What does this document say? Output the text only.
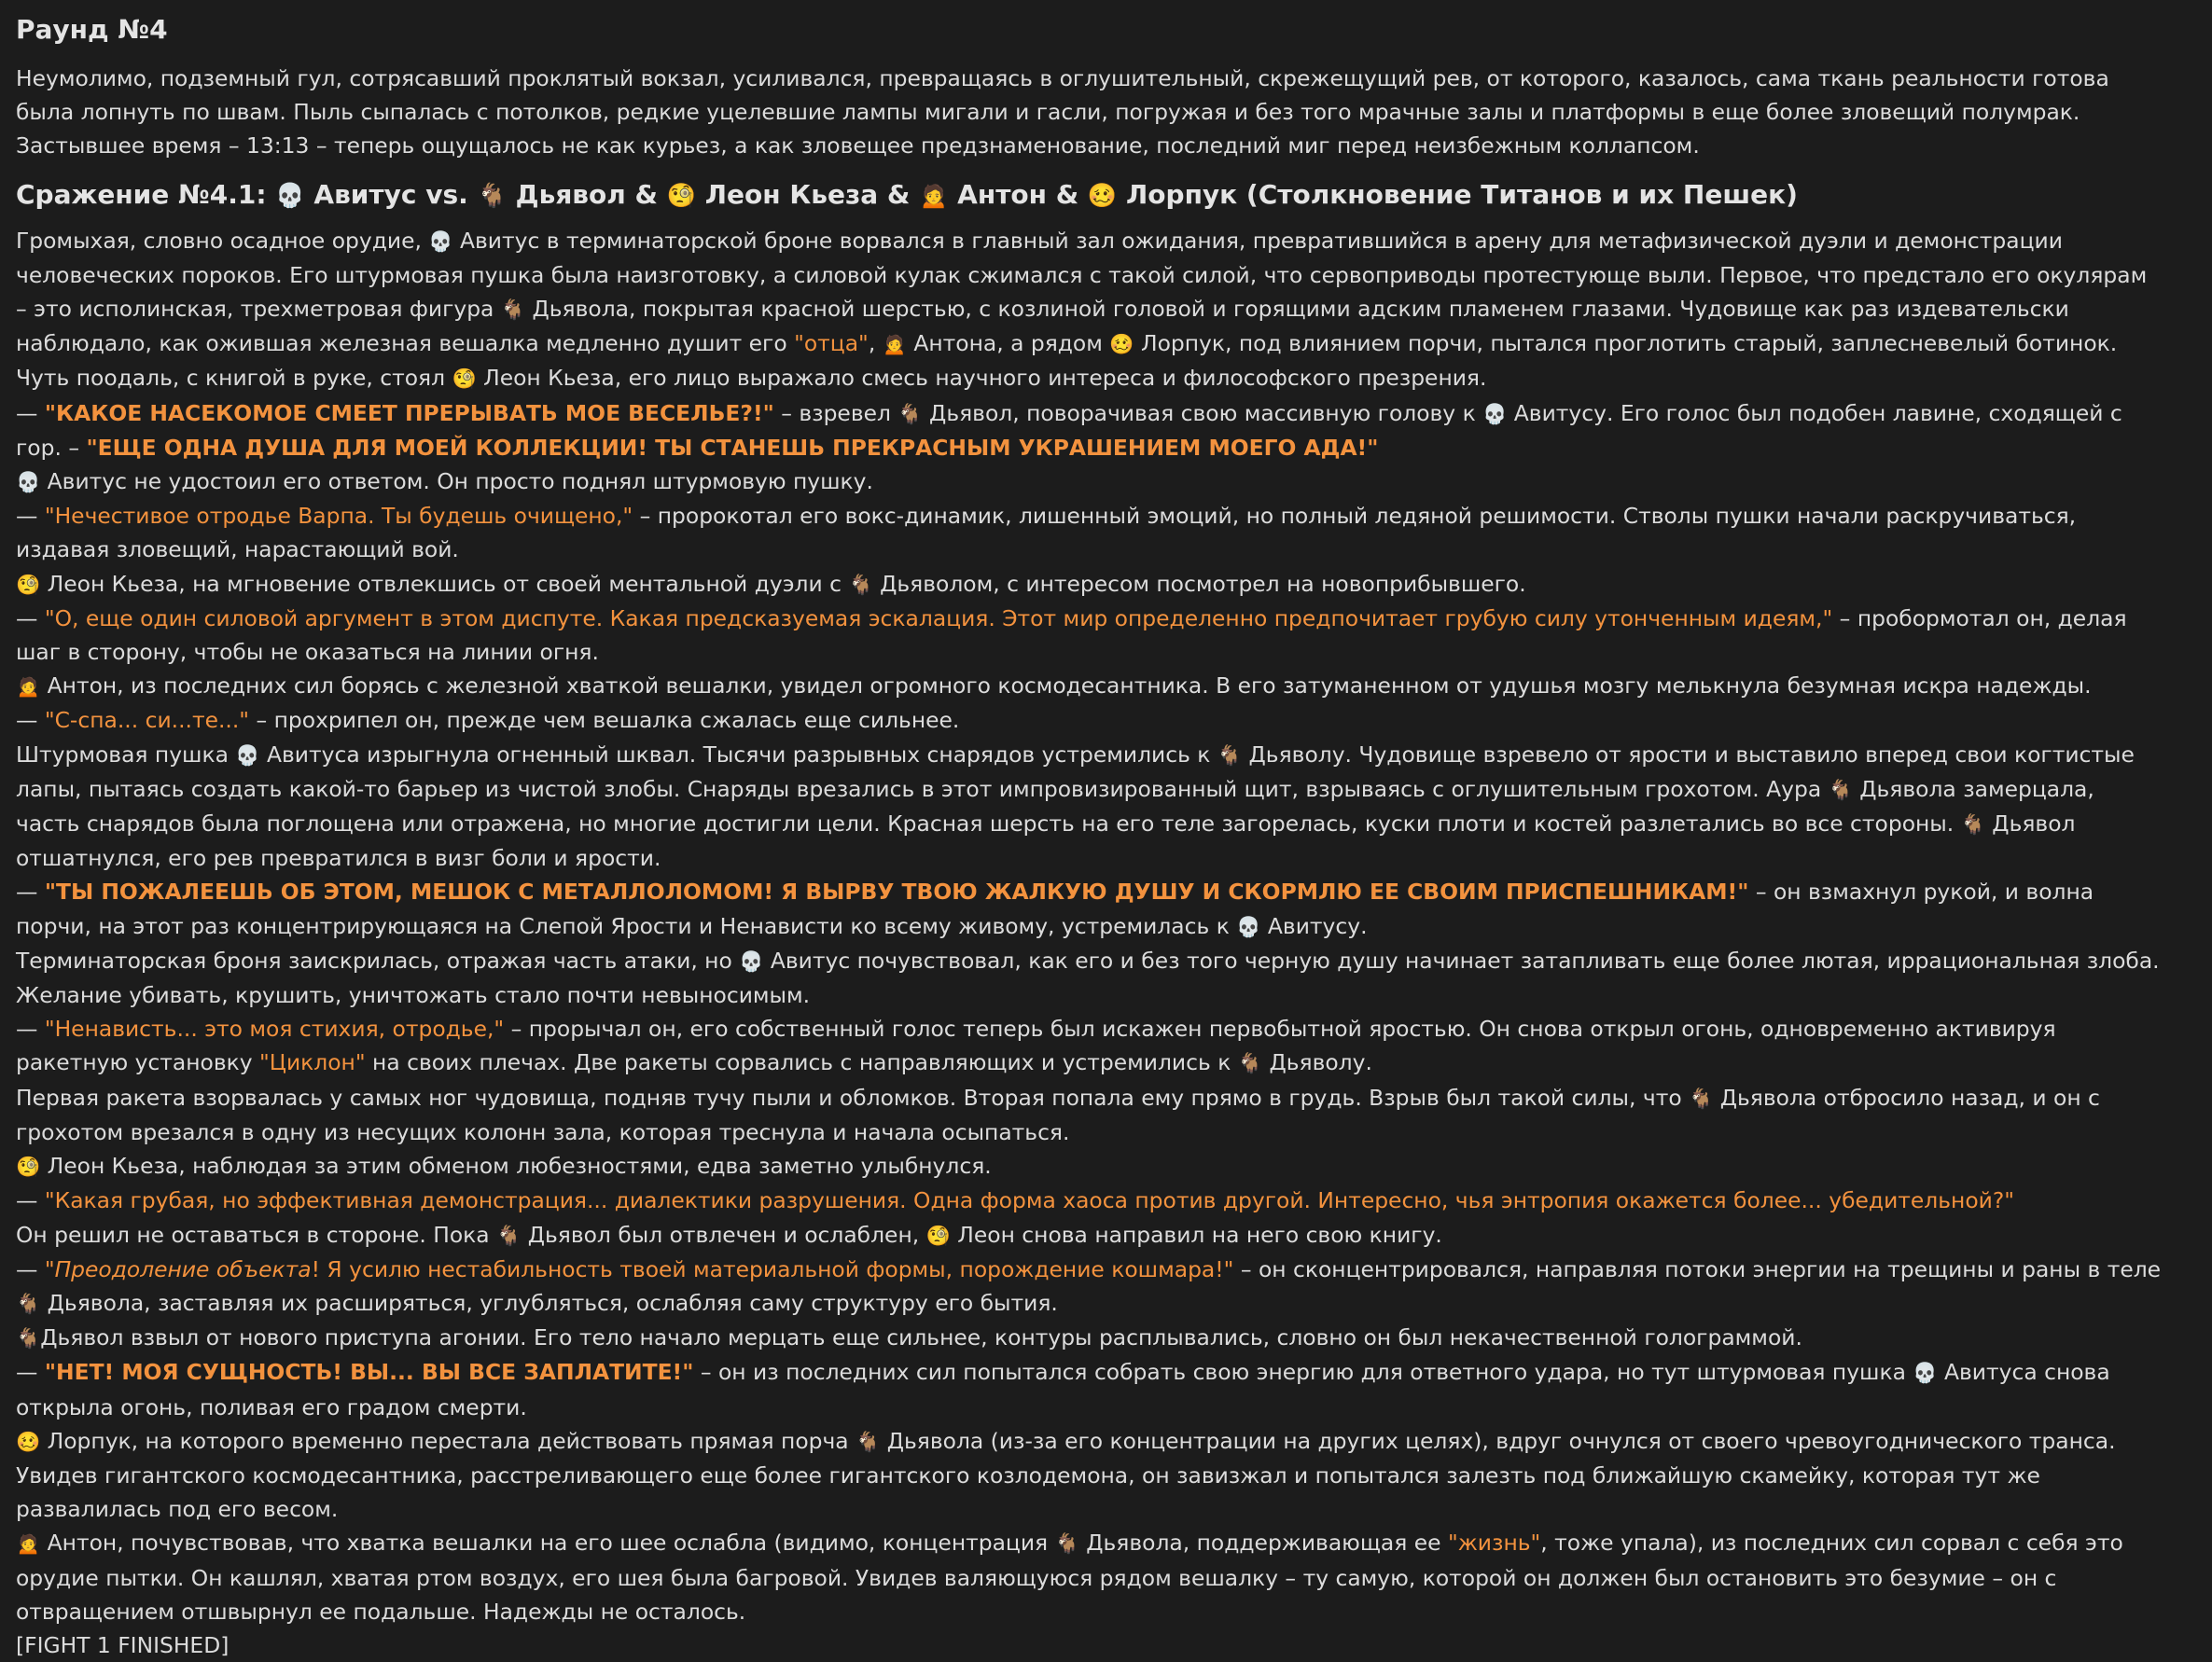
Раунд №4

Неумолимо, подземный гул, сотрясавший проклятый вокзал, усиливался, превращаясь в оглушительный, скрежещущий рев, от которого, казалось, сама ткань реальности готова была лопнуть по швам. Пыль сыпалась с потолков, редкие уцелевшие лампы мигали и гасли, погружая и без того мрачные залы и платформы в еще более зловещий полумрак. Застывшее время – 13:13 – теперь ощущалось не как курьез, а как зловещее предзнаменование, последний миг перед неизбежным коллапсом.

Сражение №4.1: 💀 Авитус vs. 🐐 Дьявол & 🧐 Леон Кьеза & 🙍 Антон & 🥴 Лорпук (Столкновение Титанов и их Пешек)

Громыхая, словно осадное орудие, 💀 Авитус в терминаторской броне ворвался в главный зал ожидания, превратившийся в арену для метафизической дуэли и демонстрации человеческих пороков. Его штурмовая пушка была наизготовку, а силовой кулак сжимался с такой силой, что сервоприводы протестующе выли. Первое, что предстало его окулярам – это исполинская, трехметровая фигура 🐐 Дьявола, покрытая красной шерстью, с козлиной головой и горящими адским пламенем глазами. Чудовище как раз издевательски наблюдало, как ожившая железная вешалка медленно душит его "отца", 🙍 Антона, а рядом 🥴 Лорпук, под влиянием порчи, пытался проглотить старый, заплесневелый ботинок. Чуть поодаль, с книгой в руке, стоял 🧐 Леон Кьеза, его лицо выражало смесь научного интереса и философского презрения.

— "КАКОЕ НАСЕКОМОЕ СМЕЕТ ПРЕРЫВАТЬ МОЕ ВЕСЕЛЬЕ?!" – взревел 🐐 Дьявол, поворачивая свою массивную голову к 💀 Авитусу. Его голос был подобен лавине, сходящей с гор. – "ЕЩЕ ОДНА ДУША ДЛЯ МОЕЙ КОЛЛЕКЦИИ! ТЫ СТАНЕШЬ ПРЕКРАСНЫМ УКРАШЕНИЕМ МОЕГО АДА!"

💀 Авитус не удостоил его ответом. Он просто поднял штурмовую пушку.

— "Нечестивое отродье Варпа. Ты будешь очищено," – пророкотал его вокс-динамик, лишенный эмоций, но полный ледяной решимости. Стволы пушки начали раскручиваться, издавая зловещий, нарастающий вой.

🧐 Леон Кьеза, на мгновение отвлекшись от своей ментальной дуэли с 🐐 Дьяволом, с интересом посмотрел на новоприбывшего.

— "О, еще один силовой аргумент в этом диспуте. Какая предсказуемая эскалация. Этот мир определенно предпочитает грубую силу утонченным идеям," – пробормотал он, делая шаг в сторону, чтобы не оказаться на линии огня.

🙍 Антон, из последних сил борясь с железной хваткой вешалки, увидел огромного космодесантника. В его затуманенном от удушья мозгу мелькнула безумная искра надежды.

— "С-спа... си...те..." – прохрипел он, прежде чем вешалка сжалась еще сильнее.

Штурмовая пушка 💀 Авитуса изрыгнула огненный шквал. Тысячи разрывных снарядов устремились к 🐐 Дьяволу. Чудовище взревело от ярости и выставило вперед свои когтистые лапы, пытаясь создать какой-то барьер из чистой злобы. Снаряды врезались в этот импровизированный щит, взрываясь с оглушительным грохотом. Аура 🐐 Дьявола замерцала, часть снарядов была поглощена или отражена, но многие достигли цели. Красная шерсть на его теле загорелась, куски плоти и костей разлетались во все стороны. 🐐 Дьявол отшатнулся, его рев превратился в визг боли и ярости.

— "ТЫ ПОЖАЛЕЕШЬ ОБ ЭТОМ, МЕШОК С МЕТАЛЛОЛОМОМ! Я ВЫРВУ ТВОЮ ЖАЛКУЮ ДУШУ И СКОРМЛЮ ЕЕ СВОИМ ПРИСПЕШНИКАМ!" – он взмахнул рукой, и волна порчи, на этот раз концентрирующаяся на Слепой Ярости и Ненависти ко всему живому, устремилась к 💀 Авитусу.

Терминаторская броня заискрилась, отражая часть атаки, но 💀 Авитус почувствовал, как его и без того черную душу начинает затапливать еще более лютая, иррациональная злоба. Желание убивать, крушить, уничтожать стало почти невыносимым.

— "Ненависть... это моя стихия, отродье," – прорычал он, его собственный голос теперь был искажен первобытной яростью. Он снова открыл огонь, одновременно активируя ракетную установку "Циклон" на своих плечах. Две ракеты сорвались с направляющих и устремились к 🐐 Дьяволу.

Первая ракета взорвалась у самых ног чудовища, подняв тучу пыли и обломков. Вторая попала ему прямо в грудь. Взрыв был такой силы, что 🐐 Дьявола отбросило назад, и он с грохотом врезался в одну из несущих колонн зала, которая треснула и начала осыпаться.

🧐 Леон Кьеза, наблюдая за этим обменом любезностями, едва заметно улыбнулся.

— "Какая грубая, но эффективная демонстрация... диалектики разрушения. Одна форма хаоса против другой. Интересно, чья энтропия окажется более... убедительной?"

Он решил не оставаться в стороне. Пока 🐐 Дьявол был отвлечен и ослаблен, 🧐 Леон снова направил на него свою книгу.

— "Преодоление объекта! Я усилю нестабильность твоей материальной формы, порождение кошмара!" – он сконцентрировался, направляя потоки энергии на трещины и раны в теле 🐐 Дьявола, заставляя их расширяться, углубляться, ослабляя саму структуру его бытия.

🐐Дьявол взвыл от нового приступа агонии. Его тело начало мерцать еще сильнее, контуры расплывались, словно он был некачественной голограммой.

— "НЕТ! МОЯ СУЩНОСТЬ! ВЫ... ВЫ ВСЕ ЗАПЛАТИТЕ!" – он из последних сил попытался собрать свою энергию для ответного удара, но тут штурмовая пушка 💀 Авитуса снова открыла огонь, поливая его градом смерти.

🥴 Лорпук, на которого временно перестала действовать прямая порча 🐐 Дьявола (из-за его концентрации на других целях), вдруг очнулся от своего чревоугоднического транса. Увидев гигантского космодесантника, расстреливающего еще более гигантского козлодемона, он завизжал и попытался залезть под ближайшую скамейку, которая тут же развалилась под его весом.

🙍 Антон, почувствовав, что хватка вешалки на его шее ослабла (видимо, концентрация 🐐 Дьявола, поддерживающая ее "жизнь", тоже упала), из последних сил сорвал с себя это орудие пытки. Он кашлял, хватая ртом воздух, его шея была багровой. Увидев валяющуюся рядом вешалку – ту самую, которой он должен был остановить это безумие – он с отвращением отшвырнул ее подальше. Надежды не осталось.

[FIGHT 1 FINISHED]
